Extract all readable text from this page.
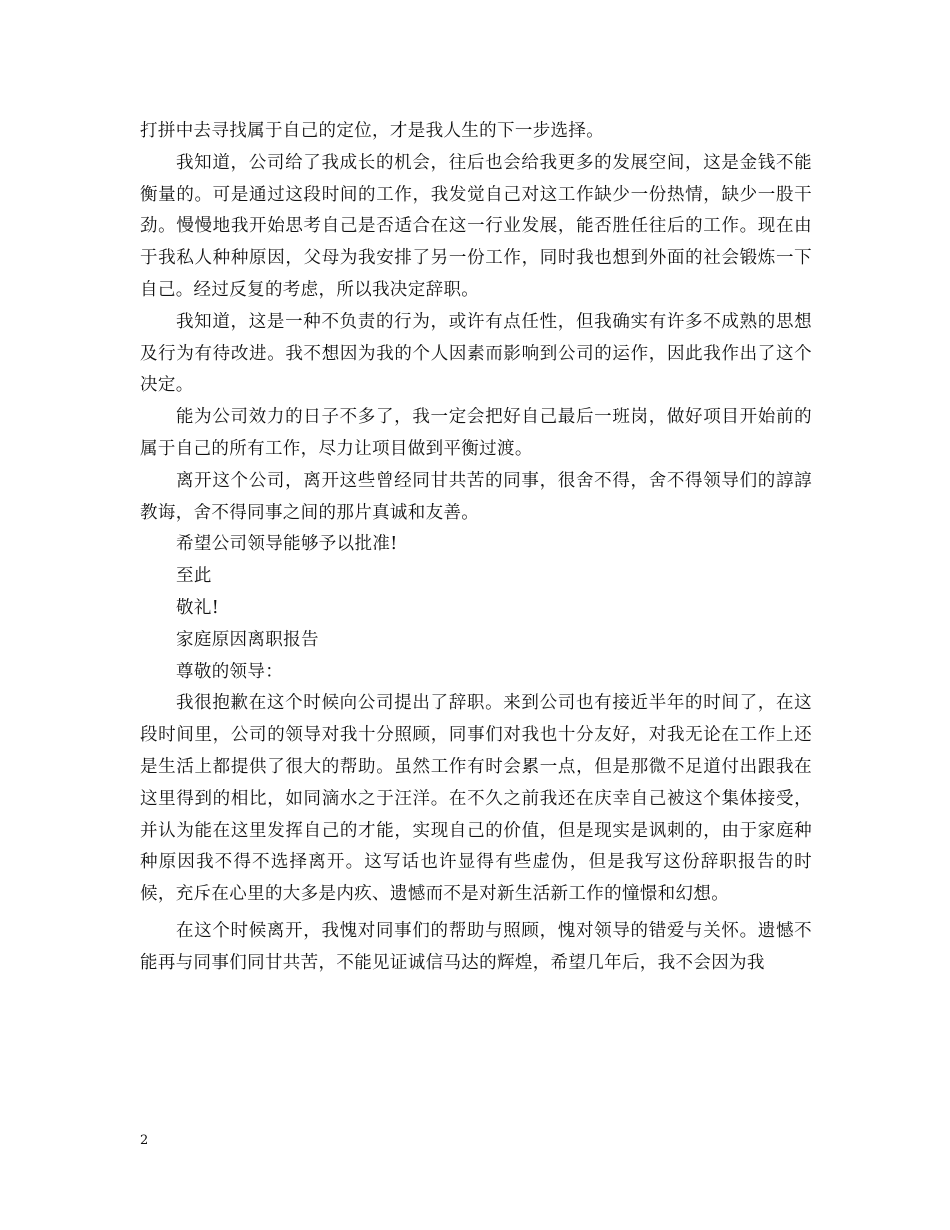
打拼中去寻找属于自己的定位，才是我人生的下一步选择。

我知道，公司给了我成长的机会，往后也会给我更多的发展空间，这是金钱不能衡量的。可是通过这段时间的工作，我发觉自己对这工作缺少一份热情，缺少一股干劲。慢慢地我开始思考自己是否适合在这一行业发展，能否胜任往后的工作。现在由于我私人种种原因，父母为我安排了另一份工作，同时我也想到外面的社会锻炼一下自己。经过反复的考虑，所以我决定辞职。

我知道，这是一种不负责的行为，或许有点任性，但我确实有许多不成熟的思想及行为有待改进。我不想因为我的个人因素而影响到公司的运作，因此我作出了这个决定。

能为公司效力的日子不多了，我一定会把好自己最后一班岗，做好项目开始前的属于自己的所有工作，尽力让项目做到平衡过渡。

离开这个公司，离开这些曾经同甘共苦的同事，很舍不得，舍不得领导们的諄諄教诲，舍不得同事之间的那片真诚和友善。

希望公司领导能够予以批准!

至此

敬礼!

家庭原因离职报告

尊敬的领导：

我很抱歉在这个时候向公司提出了辞职。来到公司也有接近半年的时间了，在这段时间里，公司的领导对我十分照顾，同事们对我也十分友好，对我无论在工作上还是生活上都提供了很大的帮助。虽然工作有时会累一点，但是那微不足道付出跟我在这里得到的相比，如同滴水之于汪洋。在不久之前我还在庆幸自己被这个集体接受，并认为能在这里发挥自己的才能，实现自己的价值，但是现实是讽刺的，由于家庭种种原因我不得不选择离开。这写话也许显得有些虚伪，但是我写这份辞职报告的时候，充斥在心里的大多是内疚、遗憾而不是对新生活新工作的憧憬和幻想。

在这个时候离开，我愧对同事们的帮助与照顾，愧对领导的错爱与关怀。遗憾不能再与同事们同甘共苦，不能见证诚信马达的辉煌，希望几年后，我不会因为我

2
